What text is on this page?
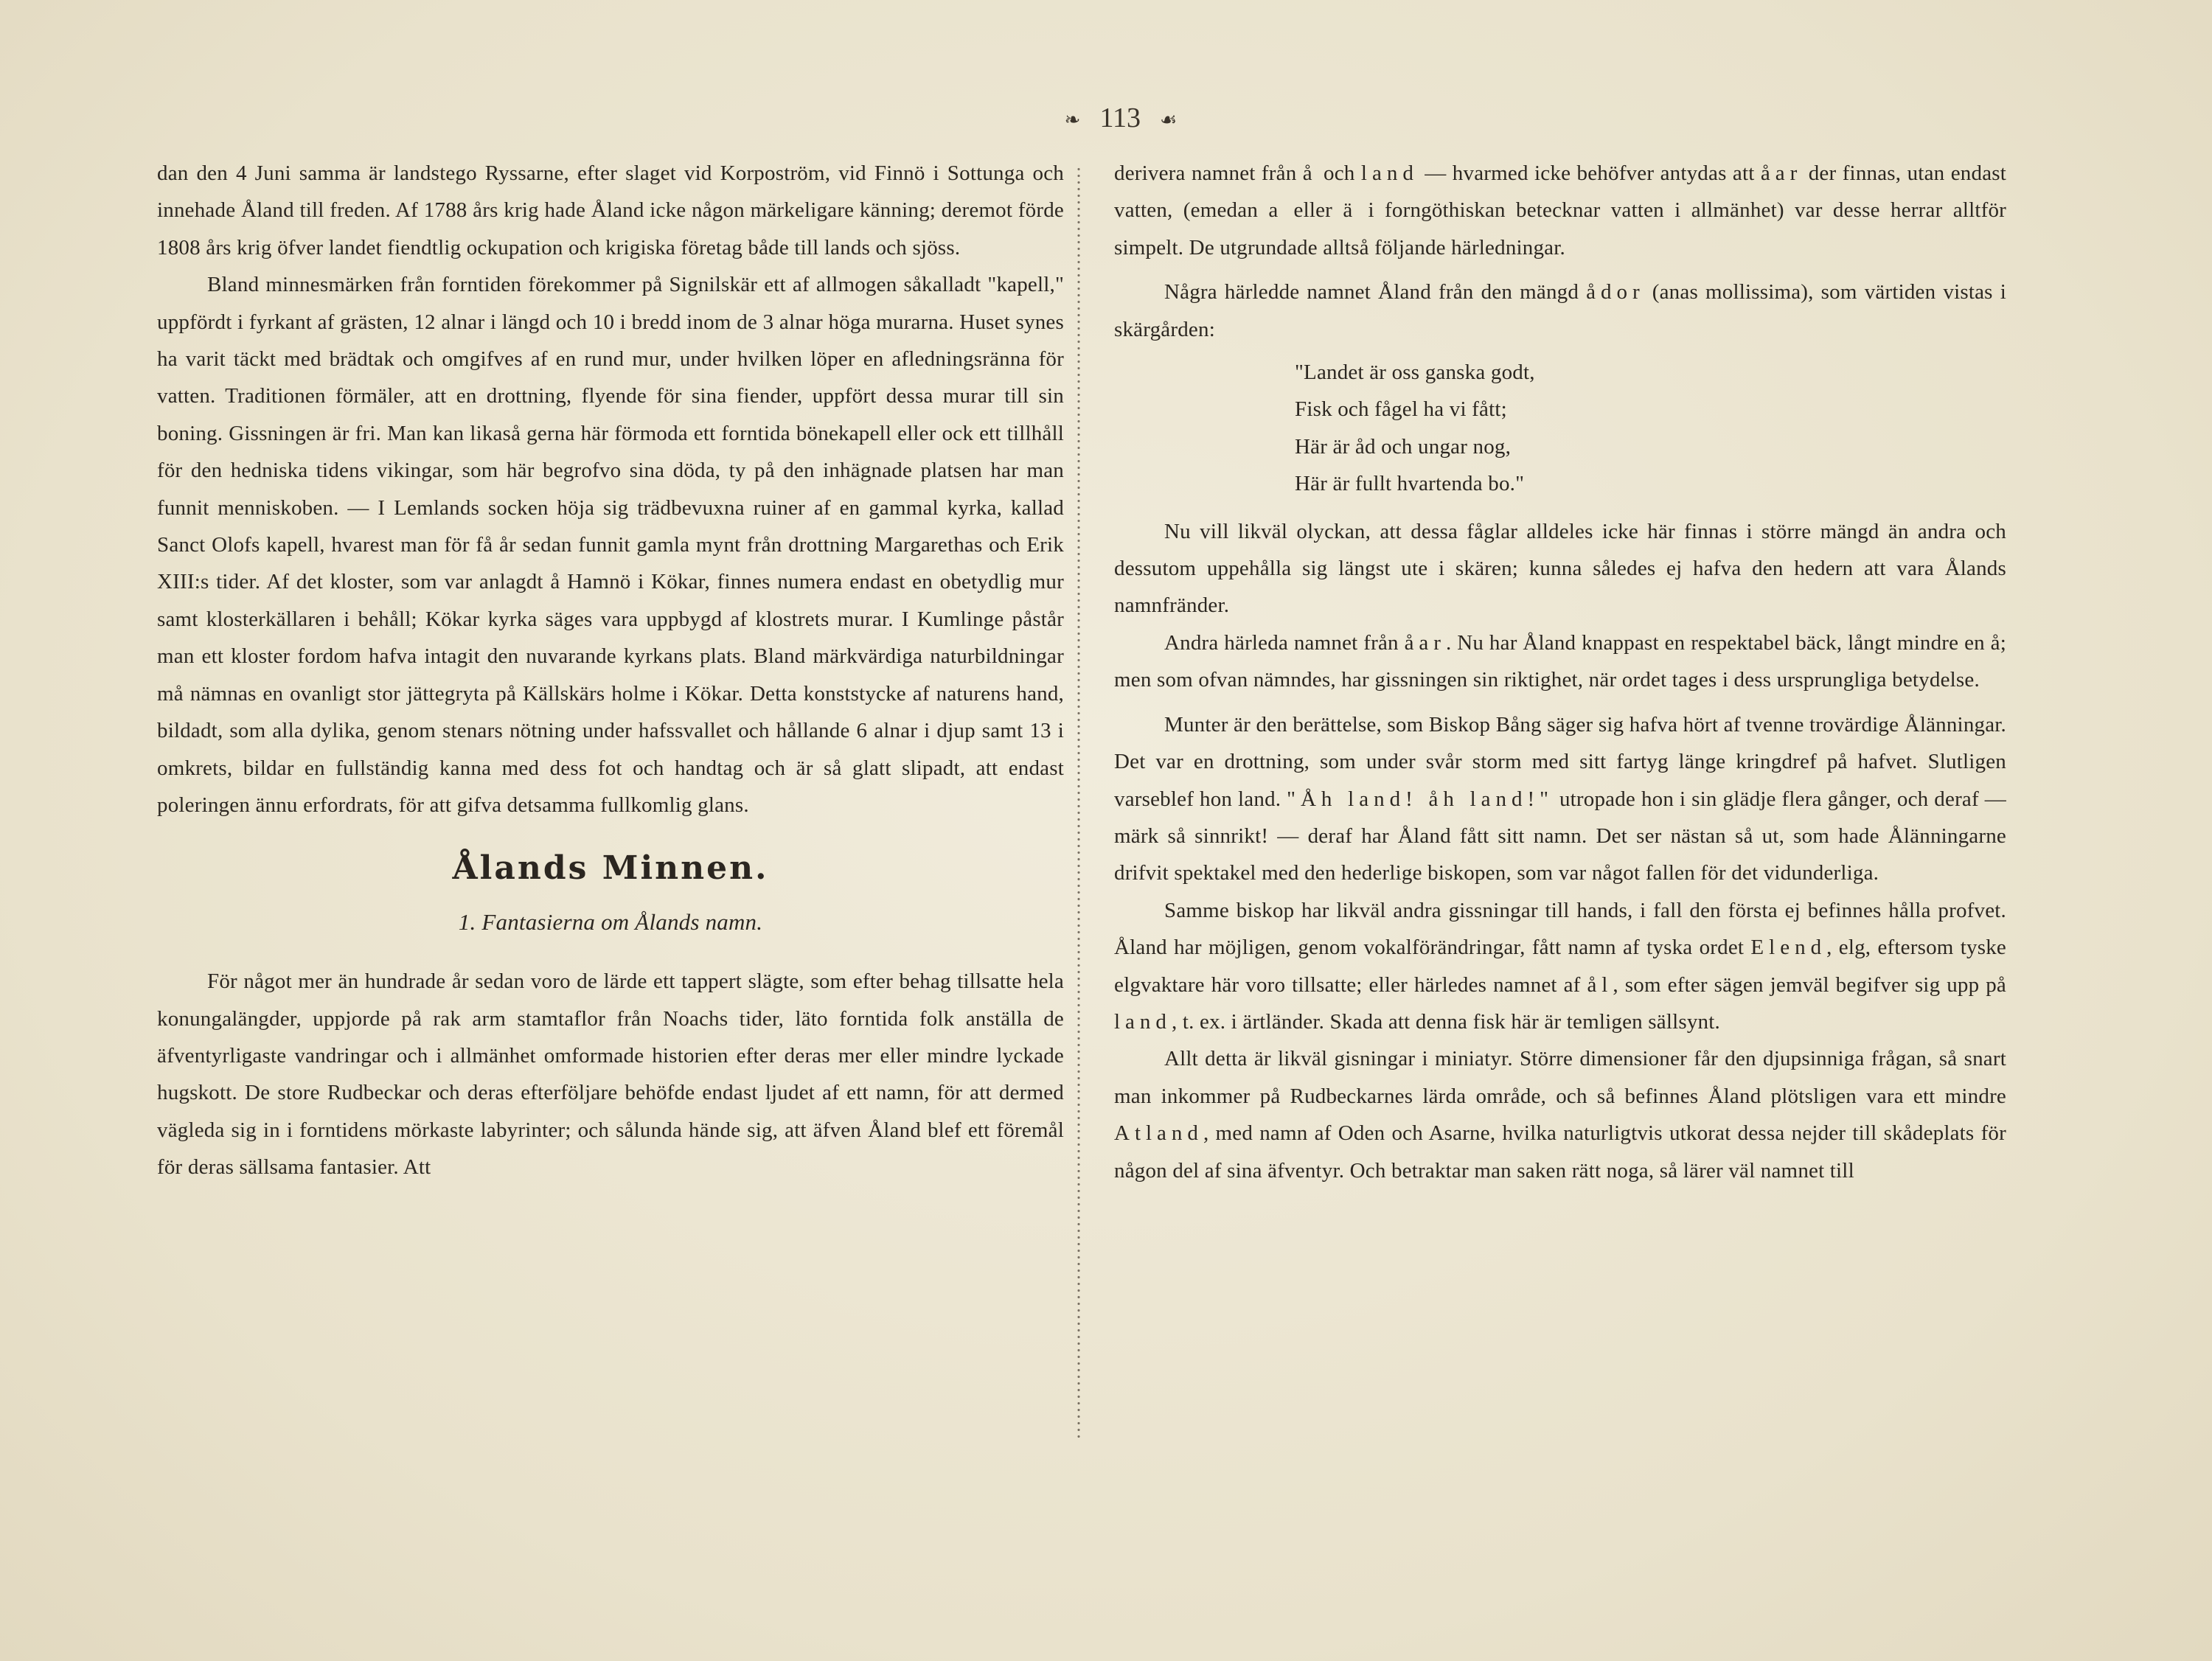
❧ 113 ☙

dan den 4 Juni samma är landstego Ryssarne, efter slaget vid Korpoström, vid Finnö i Sottunga och innehade Åland till freden. Af 1788 års krig hade Åland icke någon märkeligare känning; deremot förde 1808 års krig öfver landet fiendtlig ockupation och krigiska företag både till lands och sjöss.

Bland minnesmärken från forntiden förekommer på Signilskär ett af allmogen såkalladt "kapell," uppfördt i fyrkant af grästen, 12 alnar i längd och 10 i bredd inom de 3 alnar höga murarna. Huset synes ha varit täckt med brädtak och omgifves af en rund mur, under hvilken löper en afledningsränna för vatten. Traditionen förmäler, att en drottning, flyende för sina fiender, uppfört dessa murar till sin boning. Gissningen är fri. Man kan likaså gerna här förmoda ett forntida bönekapell eller ock ett tillhåll för den hedniska tidens vikingar, som här begrofvo sina döda, ty på den inhägnade platsen har man funnit menniskoben. — I Lemlands socken höja sig trädbevuxna ruiner af en gammal kyrka, kallad Sanct Olofs kapell, hvarest man för få år sedan funnit gamla mynt från drottning Margarethas och Erik XIII:s tider. Af det kloster, som var anlagdt å Hamnö i Kökar, finnes numera endast en obetydlig mur samt klosterkällaren i behåll; Kökar kyrka säges vara uppbygd af klostrets murar. I Kumlinge påstår man ett kloster fordom hafva intagit den nuvarande kyrkans plats. Bland märkvärdiga naturbildningar må nämnas en ovanligt stor jättegryta på Källskärs holme i Kökar. Detta konststycke af naturens hand, bildadt, som alla dylika, genom stenars nötning under hafssvallet och hållande 6 alnar i djup samt 13 i omkrets, bildar en fullständig kanna med dess fot och handtag och är så glatt slipadt, att endast poleringen ännu erfordrats, för att gifva detsamma fullkomlig glans.

Ålands Minnen.
1. Fantasierna om Ålands namn.

För något mer än hundrade år sedan voro de lärde ett tappert slägte, som efter behag tillsatte hela konungalängder, uppjorde på rak arm stamtaflor från Noachs tider, läto forntida folk anställa de äfventyrligaste vandringar och i allmänhet omformade historien efter deras mer eller mindre lyckade hugskott. De store Rudbeckar och deras efterföljare behöfde endast ljudet af ett namn, för att dermed vägleda sig in i forntidens mörkaste labyrinter; och sålunda hände sig, att äfven Åland blef ett föremål för deras sällsama fantasier. Att

derivera namnet från å och land — hvarmed icke behöfver antydas att åar der finnas, utan endast vatten, (emedan a eller ä i forngöthiskan betecknar vatten i allmänhet) var desse herrar alltför simpelt. De utgrundade alltså följande härledningar.

Några härledde namnet Åland från den mängd ådor (anas mollissima), som värtiden vistas i skärgården:

"Landet är oss ganska godt,
Fisk och fågel ha vi fått;
Här är åd och ungar nog,
Här är fullt hvartenda bo."

Nu vill likväl olyckan, att dessa fåglar alldeles icke här finnas i större mängd än andra och dessutom uppehålla sig längst ute i skären; kunna således ej hafva den hedern att vara Ålands namnfränder.

Andra härleda namnet från åar. Nu har Åland knappast en respektabel bäck, långt mindre en å; men som ofvan nämndes, har gissningen sin riktighet, när ordet tages i dess ursprungliga betydelse.

Munter är den berättelse, som Biskop Bång säger sig hafva hört af tvenne trovärdige Ålänningar. Det var en drottning, som under svår storm med sitt fartyg länge kringdref på hafvet. Slutligen varseblef hon land. "Åh land! åh land!" utropade hon i sin glädje flera gånger, och deraf — märk så sinnrikt! — deraf har Åland fått sitt namn. Det ser nästan så ut, som hade Ålänningarne drifvit spektakel med den hederlige biskopen, som var något fallen för det vidunderliga.

Samme biskop har likväl andra gissningar till hands, i fall den första ej befinnes hålla profvet. Åland har möjligen, genom vokalförändringar, fått namn af tyska ordet Elend, elg, eftersom tyske elgvaktare här voro tillsatte; eller härledes namnet af ål, som efter sägen jemväl begifver sig upp på land, t. ex. i ärtländer. Skada att denna fisk här är temligen sällsynt.

Allt detta är likväl gisningar i miniatyr. Större dimensioner får den djupsinniga frågan, så snart man inkommer på Rudbeckarnes lärda område, och så befinnes Åland plötsligen vara ett mindre Atland, med namn af Oden och Asarne, hvilka naturligtvis utkorat dessa nejder till skådeplats för någon del af sina äfventyr. Och betraktar man saken rätt noga, så lärer väl namnet till
